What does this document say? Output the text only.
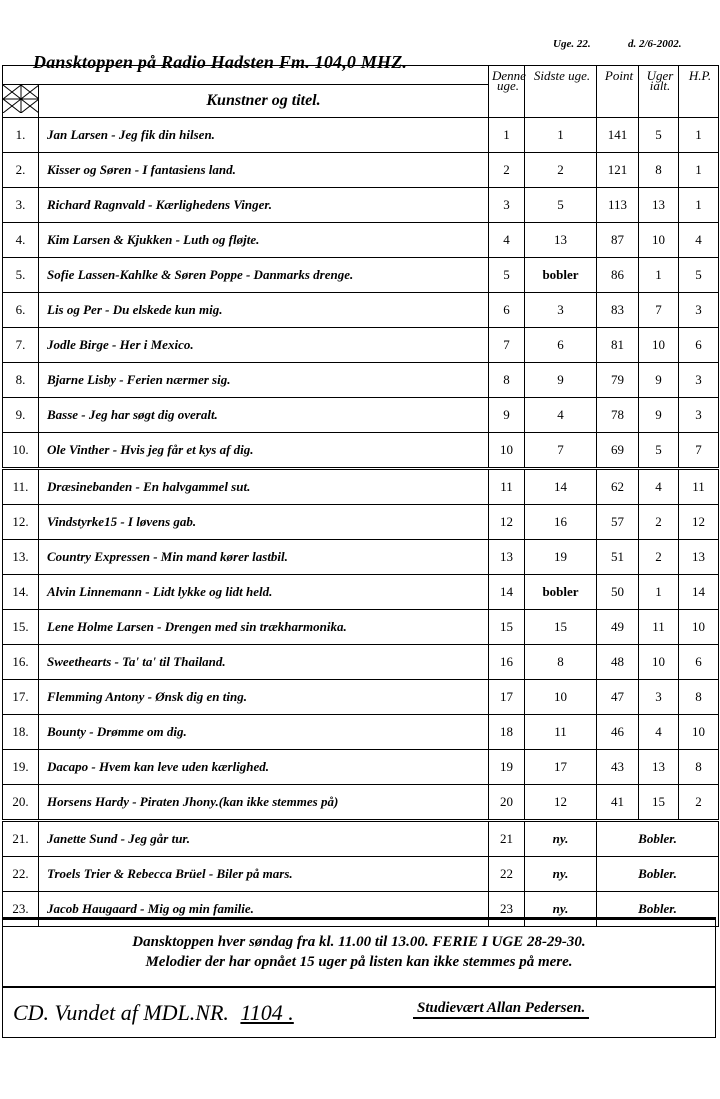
Uge. 22.	d. 2/6-2002.
Dansktoppen på Radio Hadsten Fm. 104,0 MHZ.
		Denne uge.	Sidste uge.	Point	Uger ialt.	H.P.
	Kunstner og titel.					
1.	Jan Larsen - Jeg fik din hilsen.	1	1	141	5	1
2.	Kisser og Søren - I fantasiens land.	2	2	121	8	1
3.	Richard Ragnvald - Kærlighedens Vinger.	3	5	113	13	1
4.	Kim Larsen & Kjukken - Luth og fløjte.	4	13	87	10	4
5.	Sofie Lassen-Kahlke & Søren Poppe - Danmarks drenge.	5	bobler	86	1	5
6.	Lis og Per - Du elskede kun mig.	6	3	83	7	3
7.	Jodle Birge - Her i Mexico.	7	6	81	10	6
8.	Bjarne Lisby - Ferien nærmer sig.	8	9	79	9	3
9.	Basse - Jeg har søgt dig overalt.	9	4	78	9	3
10.	Ole Vinther - Hvis jeg får et kys af dig.	10	7	69	5	7
11.	Dræsinebanden - En halvgammel sut.	11	14	62	4	11
12.	Vindstyrke15 - I løvens gab.	12	16	57	2	12
13.	Country Expressen - Min mand kører lastbil.	13	19	51	2	13
14.	Alvin Linnemann - Lidt lykke og lidt held.	14	bobler	50	1	14
15.	Lene Holme Larsen - Drengen med sin trækharmonika.	15	15	49	11	10
16.	Sweethearts - Ta' ta' til Thailand.	16	8	48	10	6
17.	Flemming Antony - Ønsk dig en ting.	17	10	47	3	8
18.	Bounty - Drømme om dig.	18	11	46	4	10
19.	Dacapo - Hvem kan leve uden kærlighed.	19	17	43	13	8
20.	Horsens Hardy - Piraten Jhony.(kan ikke stemmes på)	20	12	41	15	2
21.	Janette Sund - Jeg går tur.	21	ny.	Bobler.		
22.	Troels Trier & Rebecca Brüel - Biler på mars.	22	ny.	Bobler.		
23.	Jacob Haugaard - Mig og min familie.	23	ny.	Bobler.		
Dansktoppen hver søndag fra kl. 11.00 til 13.00. FERIE I UGE 28-29-30.
Melodier der har opnået 15 uger på listen kan ikke stemmes på mere.
CD. Vundet af MDL.NR. 1104 .	Studievært Allan Pedersen.
